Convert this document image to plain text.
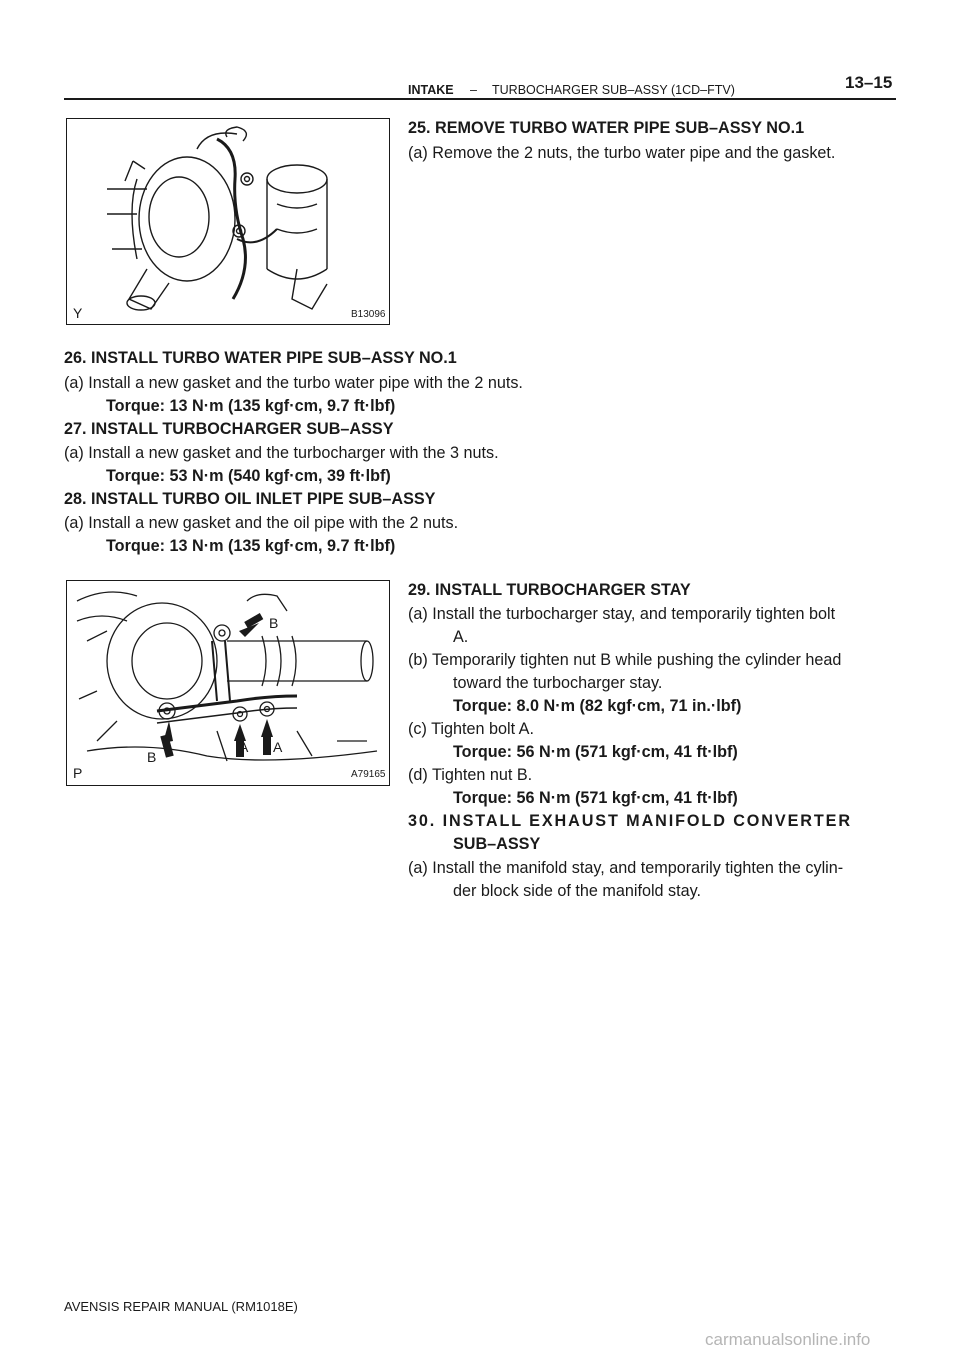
INTAKE – TURBOCHARGER SUB–ASSY (1CD–FTV)	13–15
Y	B13096
25. REMOVE TURBO WATER PIPE SUB–ASSY NO.1
(a) Remove the 2 nuts, the turbo water pipe and the gasket.
26. INSTALL TURBO WATER PIPE SUB–ASSY NO.1
(a) Install a new gasket and the turbo water pipe with the 2 nuts.
Torque: 13 N·m (135 kgf·cm, 9.7 ft·lbf)
27. INSTALL TURBOCHARGER SUB–ASSY
(a) Install a new gasket and the turbocharger with the 3 nuts.
Torque: 53 N·m (540 kgf·cm, 39 ft·lbf)
28. INSTALL TURBO OIL INLET PIPE SUB–ASSY
(a) Install a new gasket and the oil pipe with the 2 nuts.
Torque: 13 N·m (135 kgf·cm, 9.7 ft·lbf)
B
B
A A
P	A79165
29. INSTALL TURBOCHARGER STAY
(a) Install the turbocharger stay, and temporarily tighten bolt
A.
(b) Temporarily tighten nut B while pushing the cylinder head
toward the turbocharger stay.
Torque: 8.0 N·m (82 kgf·cm, 71 in.·lbf)
(c) Tighten bolt A.
Torque: 56 N·m (571 kgf·cm, 41 ft·lbf)
(d) Tighten nut B.
Torque: 56 N·m (571 kgf·cm, 41 ft·lbf)
30. INSTALL EXHAUST MANIFOLD CONVERTER
SUB–ASSY
(a) Install the manifold stay, and temporarily tighten the cylin-
der block side of the manifold stay.
AVENSIS REPAIR MANUAL (RM1018E)
carmanualsonline.info
